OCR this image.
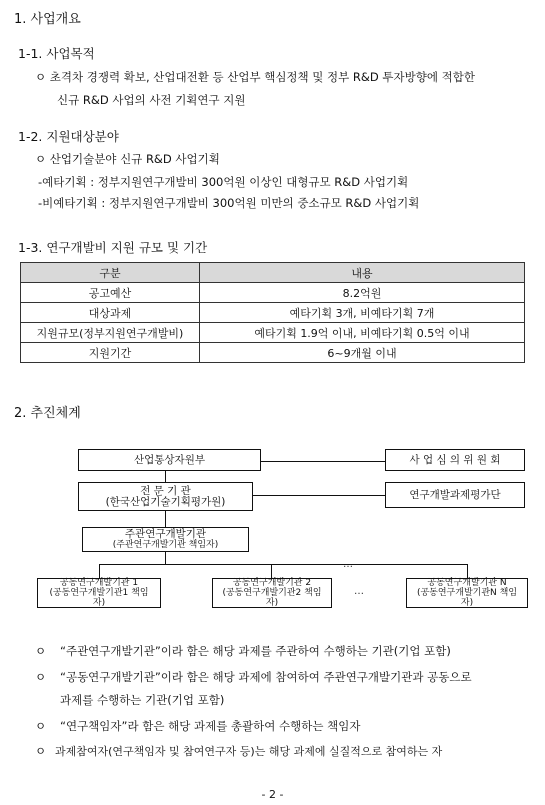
1. 사업개요
1-1. 사업목적
ㅇ 초격차 경쟁력 확보, 산업대전환 등 산업부 핵심정책 및 정부 R&D 투자방향에 적합한
신규 R&D 사업의 사전 기획연구 지원
1-2. 지원대상분야
ㅇ 산업기술분야 신규 R&D 사업기획
-예타기획 : 정부지원연구개발비 300억원 이상인 대형규모 R&D 사업기획
-비예타기획 : 정부지원연구개발비 300억원 미만의 중소규모 R&D 사업기획
1-3. 연구개발비 지원 규모 및 기간
구분	내용
공고예산	8.2억원
대상과제	예타기획 3개, 비예타기획 7개
지원규모(정부지원연구개발비)	예타기획 1.9억 이내, 비예타기획 0.5억 이내
지원기간	6~9개월 이내
2. 추진체계
산업통상자원부	사 업 심 의 위 원 회
전 문 기 관
(한국산업기술기획평가원)
연구개발과제평가단
주관연구개발기관
(주관연구개발기관 책임자)
…
공동연구개발기관 1
(공동연구개발기관1 책임자)
공동연구개발기관 2
(공동연구개발기관2 책임자)
…
공동연구개발기관 N
(공동연구개발기관N 책임자)
ㅇ “주관연구개발기관”이라 함은 해당 과제를 주관하여 수행하는 기관(기업 포함)
ㅇ “공동연구개발기관”이라 함은 해당 과제에 참여하여 주관연구개발기관과 공동으로
과제를 수행하는 기관(기업 포함)
ㅇ “연구책임자”라 함은 해당 과제를 총괄하여 수행하는 책임자
ㅇ 과제참여자(연구책임자 및 참여연구자 등)는 해당 과제에 실질적으로 참여하는 자
- 2 -
